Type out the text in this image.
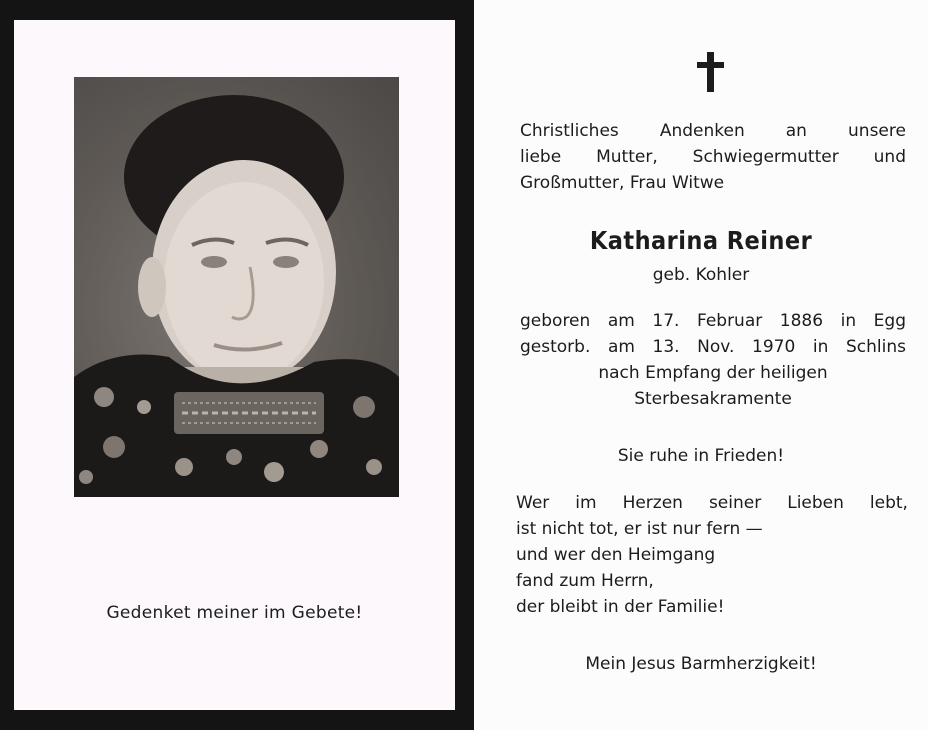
Gedenket meiner im Gebete!
Christliches Andenken an unsere
liebe Mutter, Schwiegermutter und
Großmutter, Frau Witwe
Katharina Reiner
geb. Kohler
geboren am 17. Februar 1886 in Egg
gestorb. am 13. Nov. 1970 in Schlins
nach Empfang der heiligen
Sterbesakramente
Sie ruhe in Frieden!
Wer im Herzen seiner Lieben lebt,
ist nicht tot, er ist nur fern —
und wer den Heimgang
fand zum Herrn,
der bleibt in der Familie!
Mein Jesus Barmherzigkeit!
